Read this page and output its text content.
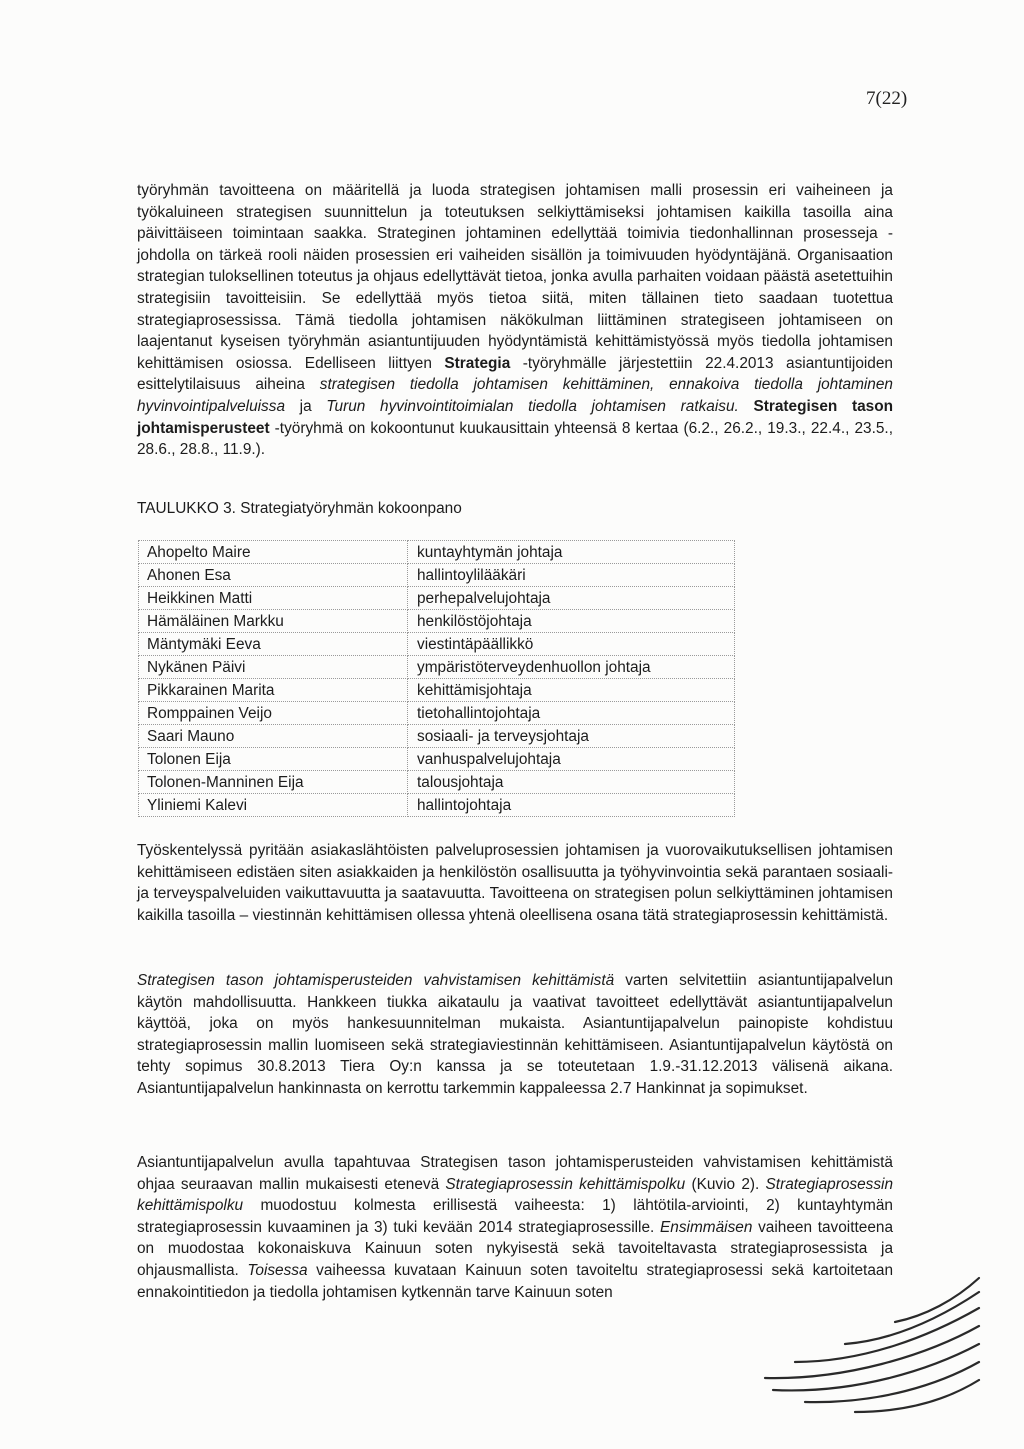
7(22)

työryhmän tavoitteena on määritellä ja luoda strategisen johtamisen malli prosessin eri vaiheineen ja työkaluineen strategisen suunnittelun ja toteutuksen selkiyttämiseksi johtamisen kaikilla tasoilla aina päivittäiseen toimintaan saakka. Strateginen johtaminen edellyttää toimivia tiedonhallinnan prosesseja - johdolla on tärkeä rooli näiden prosessien eri vaiheiden sisällön ja toimivuuden hyödyntäjänä. Organisaation strategian tuloksellinen toteutus ja ohjaus edellyttävät tietoa, jonka avulla parhaiten voidaan päästä asetettuihin strategisiin tavoitteisiin. Se edellyttää myös tietoa siitä, miten tällainen tieto saadaan tuotettua strategiaprosessissa. Tämä tiedolla johtamisen näkökulman liittäminen strategiseen johtamiseen on laajentanut kyseisen työryhmän asiantuntijuuden hyödyntämistä kehittämistyössä myös tiedolla johtamisen kehittämisen osiossa. Edelliseen liittyen Strategia -työryhmälle järjestettiin 22.4.2013 asiantuntijoiden esittelytilaisuus aiheina strategisen tiedolla johtamisen kehittäminen, ennakoiva tiedolla johtaminen hyvinvointipalveluissa ja Turun hyvinvointitoimialan tiedolla johtamisen ratkaisu. Strategisen tason johtamisperusteet -työryhmä on kokoontunut kuukausittain yhteensä 8 kertaa (6.2., 26.2., 19.3., 22.4., 23.5., 28.6., 28.8., 11.9.).

TAULUKKO 3. Strategiatyöryhmän kokoonpano

Ahopelto Maire	kuntayhtymän johtaja
Ahonen Esa	hallintoylilääkäri
Heikkinen Matti	perhepalvelujohtaja
Hämäläinen Markku	henkilöstöjohtaja
Mäntymäki Eeva	viestintäpäällikkö
Nykänen Päivi	ympäristöterveydenhuollon johtaja
Pikkarainen Marita	kehittämisjohtaja
Romppainen Veijo	tietohallintojohtaja
Saari Mauno	sosiaali- ja terveysjohtaja
Tolonen Eija	vanhuspalvelujohtaja
Tolonen-Manninen Eija	talousjohtaja
Yliniemi Kalevi	hallintojohtaja

Työskentelyssä pyritään asiakaslähtöisten palveluprosessien johtamisen ja vuorovaikutuksellisen johtamisen kehittämiseen edistäen siten asiakkaiden ja henkilöstön osallisuutta ja työhyvinvointia sekä parantaen sosiaali- ja terveyspalveluiden vaikuttavuutta ja saatavuutta. Tavoitteena on strategisen polun selkiyttäminen johtamisen kaikilla tasoilla – viestinnän kehittämisen ollessa yhtenä oleellisena osana tätä strategiaprosessin kehittämistä.

Strategisen tason johtamisperusteiden vahvistamisen kehittämistä varten selvitettiin asiantuntijapalvelun käytön mahdollisuutta. Hankkeen tiukka aikataulu ja vaativat tavoitteet edellyttävät asiantuntijapalvelun käyttöä, joka on myös hankesuunnitelman mukaista. Asiantuntijapalvelun painopiste kohdistuu strategiaprosessin mallin luomiseen sekä strategiaviestinnän kehittämiseen. Asiantuntijapalvelun käytöstä on tehty sopimus 30.8.2013 Tiera Oy:n kanssa ja se toteutetaan 1.9.-31.12.2013 välisenä aikana. Asiantuntijapalvelun hankinnasta on kerrottu tarkemmin kappaleessa 2.7 Hankinnat ja sopimukset.

Asiantuntijapalvelun avulla tapahtuvaa Strategisen tason johtamisperusteiden vahvistamisen kehittämistä ohjaa seuraavan mallin mukaisesti etenevä Strategiaprosessin kehittämispolku (Kuvio 2). Strategiaprosessin kehittämispolku muodostuu kolmesta erillisestä vaiheesta: 1) lähtötila-arviointi, 2) kuntayhtymän strategiaprosessin kuvaaminen ja 3) tuki kevään 2014 strategiaprosessille. Ensimmäisen vaiheen tavoitteena on muodostaa kokonaiskuva Kainuun soten nykyisestä sekä tavoiteltavasta strategiaprosessista ja ohjausmallista. Toisessa vaiheessa kuvataan Kainuun soten tavoiteltu strategiaprosessi sekä kartoitetaan ennakointitiedon ja tiedolla johtamisen kytkennän tarve Kainuun soten
